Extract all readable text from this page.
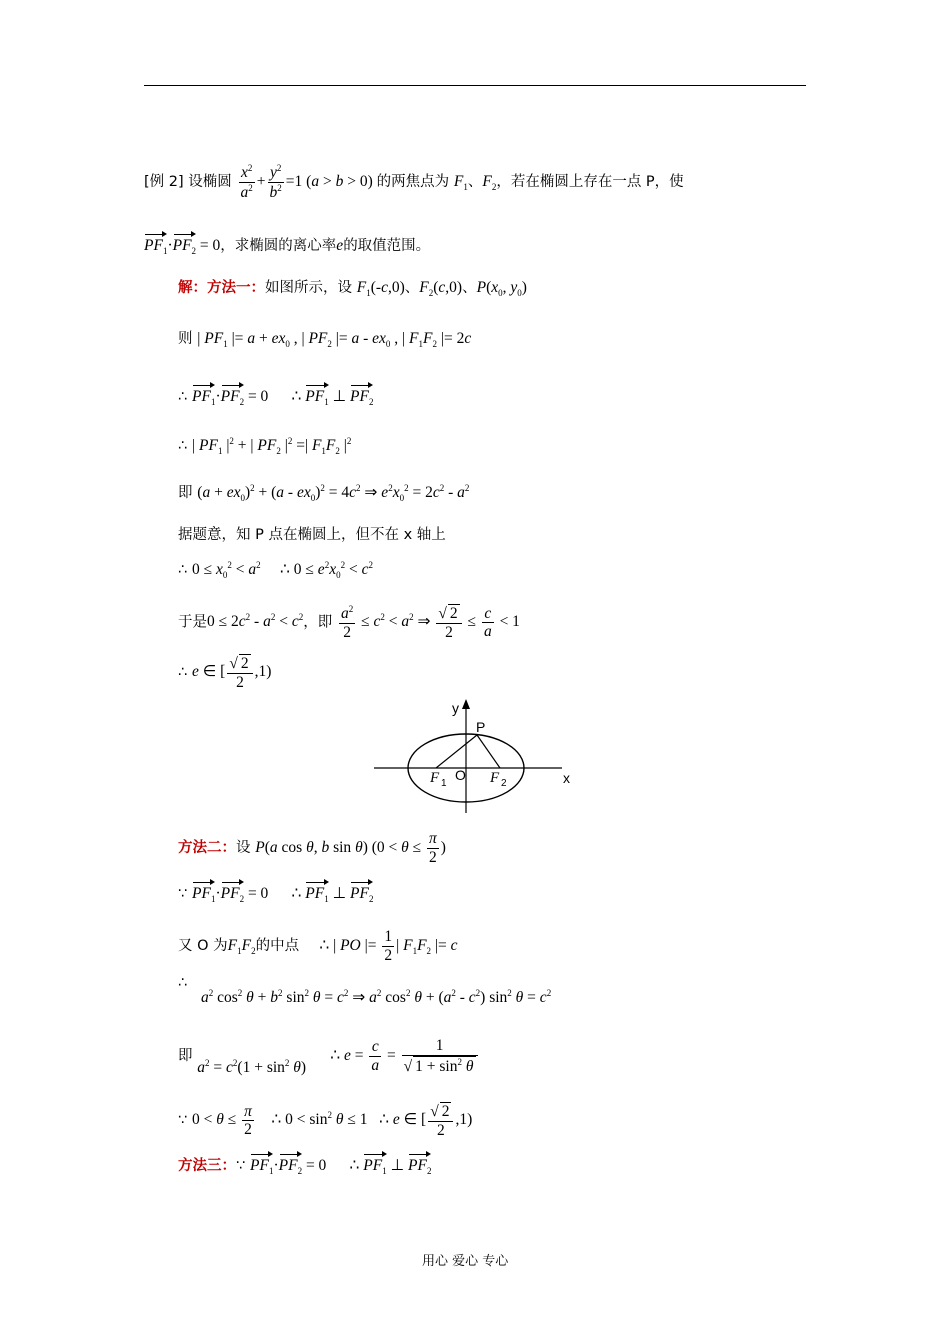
[例 2] 设椭圆 $\frac{x^2}{a^2} + \frac{y^2}{b^2} =1$ (a > b > 0) 的两焦点为 $F_1$、$F_2$，若在椭圆上存在一点 P，使
$PF_1\cdot PF_2 = 0$，求椭圆的离心率e的取值范围。
解：方法一：如图所示，设 $F_1(-c,0)$、$F_2(c,0)$、$P(x_0$, $y_0$)
则 | $PF_1$ |= $a + ex_0$ , | $PF_2$ |= a - $ex_0$ , | $F_1F_2$ |= 2c
∴ $PF_1\cdot PF_2 = 0$      ∴ $PF_1$ ⊥ $PF_2$
∴ | $PF_1$ $|^2$ + | $PF_2$ $|^2$ =| $F_1F_2$ $|^2$
即 $(a + ex_0)^2 + (a - ex_0)^2 = 4c^2$ ⇒ $e^2x_0^2 = 2c^2 - a^2$
据题意，知 P 点在椭圆上，但不在 x 轴上
∴ $0 \le x_0^2 < a^2$     ∴ $0 \le e^2x_0^2 < c^2$
于是$0 \le 2c^2 - a^2 < c^2$，即 $\frac{a^2}{2} \le c^2 < a^2$ ⇒ $\frac{√ 2}{2} \le \frac{c}{a} < 1$
∴ e ∈ [ $\frac{√ 2}{2} ,1$)
y
x
P
O
F 1	F 2
方法二：设 P(a cos θ, b sin θ) ($0 < \theta \le \frac{\pi}{2}$ )
∵ $PF_1\cdot PF_2 = 0$      ∴ $PF_1$ ⊥ $PF_2$
又 O 为$F_1F_2$的中点     ∴ | PO |= $\frac{1}{2}$ | $F_1F_2$ |= c
∴
$a^2$ $\cos^2 \theta + b^2$ $\sin^2 \theta = c^2$ ⇒ $a^2$ $\cos^2 \theta + (a^2 - c^2)$ $\sin^2 \theta = c^2$
即 $a^2 = c^2(1 + \sin^2 \theta)$      ∴ $e = \frac{c}{a} = \frac{1}{√ 1 + \sin^2 \theta}$
∵ $0 < \theta \le \frac{\pi}{2}$ ∴ $0 < \sin^2 \theta \le 1$   ∴ e ∈ [ $\frac{√ 2}{2} ,1$)
方法三：∵ $PF_1\cdot PF_2 = 0$      ∴ $PF_1$ ⊥ $PF_2$
用心 爱心 专心
